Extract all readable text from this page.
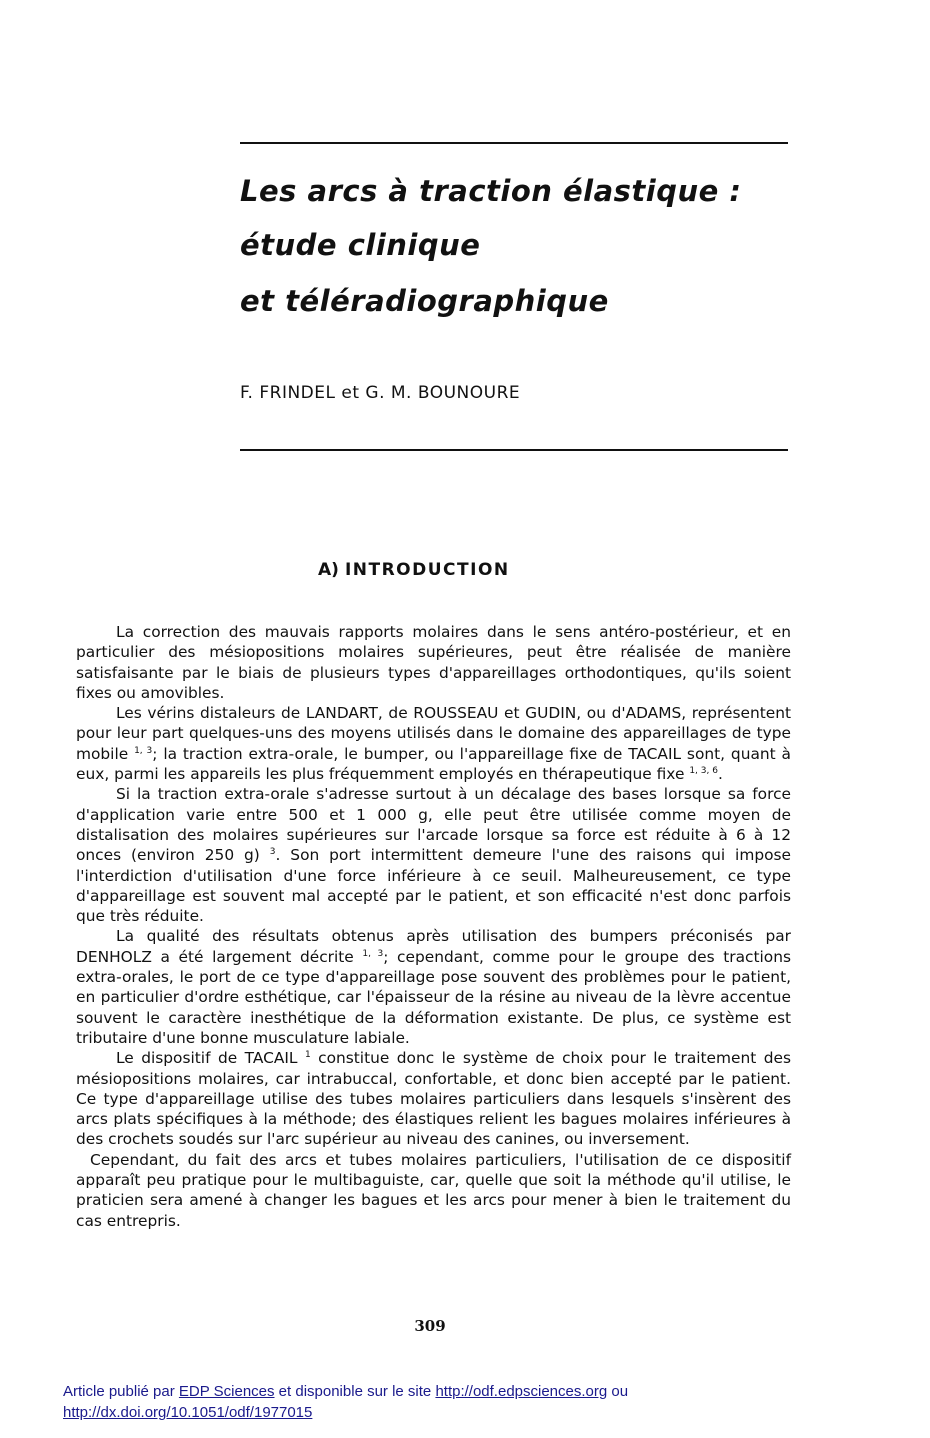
Les arcs à traction élastique :
étude clinique
et téléradiographique

F. FRINDEL et G. M. BOUNOURE

A) INTRODUCTION

La correction des mauvais rapports molaires dans le sens antéro-postérieur, et en particulier des mésiopositions molaires supérieures, peut être réalisée de manière satisfaisante par le biais de plusieurs types d'appareillages orthodontiques, qu'ils soient fixes ou amovibles.

Les vérins distaleurs de LANDART, de ROUSSEAU et GUDIN, ou d'ADAMS, représentent pour leur part quelques-uns des moyens utilisés dans le domaine des appareillages de type mobile $^{1, 3}$; la traction extra-orale, le bumper, ou l'appareillage fixe de TACAIL sont, quant à eux, parmi les appareils les plus fréquemment employés en thérapeutique fixe $^{1, 3, 6}$.

Si la traction extra-orale s'adresse surtout à un décalage des bases lorsque sa force d'application varie entre 500 et 1 000 g, elle peut être utilisée comme moyen de distalisation des molaires supérieures sur l'arcade lorsque sa force est réduite à 6 à 12 onces (environ 250 g) $^3$. Son port intermittent demeure l'une des raisons qui impose l'interdiction d'utilisation d'une force inférieure à ce seuil. Malheureusement, ce type d'appareillage est souvent mal accepté par le patient, et son efficacité n'est donc parfois que très réduite.

La qualité des résultats obtenus après utilisation des bumpers préconisés par DENHOLZ a été largement décrite $^{1, 3}$; cependant, comme pour le groupe des tractions extra-orales, le port de ce type d'appareillage pose souvent des problèmes pour le patient, en particulier d'ordre esthétique, car l'épaisseur de la résine au niveau de la lèvre accentue souvent le caractère inesthétique de la déformation existante. De plus, ce système est tributaire d'une bonne musculature labiale.

Le dispositif de TACAIL $^1$ constitue donc le système de choix pour le traitement des mésiopositions molaires, car intrabuccal, confortable, et donc bien accepté par le patient. Ce type d'appareillage utilise des tubes molaires particuliers dans lesquels s'insèrent des arcs plats spécifiques à la méthode; des élastiques relient les bagues molaires inférieures à des crochets soudés sur l'arc supérieur au niveau des canines, ou inversement.

Cependant, du fait des arcs et tubes molaires particuliers, l'utilisation de ce dispositif apparaît peu pratique pour le multibaguiste, car, quelle que soit la méthode qu'il utilise, le praticien sera amené à changer les bagues et les arcs pour mener à bien le traitement du cas entrepris.

309
Article publié par EDP Sciences et disponible sur le site http://odf.edpsciences.org ou
http://dx.doi.org/10.1051/odf/1977015
